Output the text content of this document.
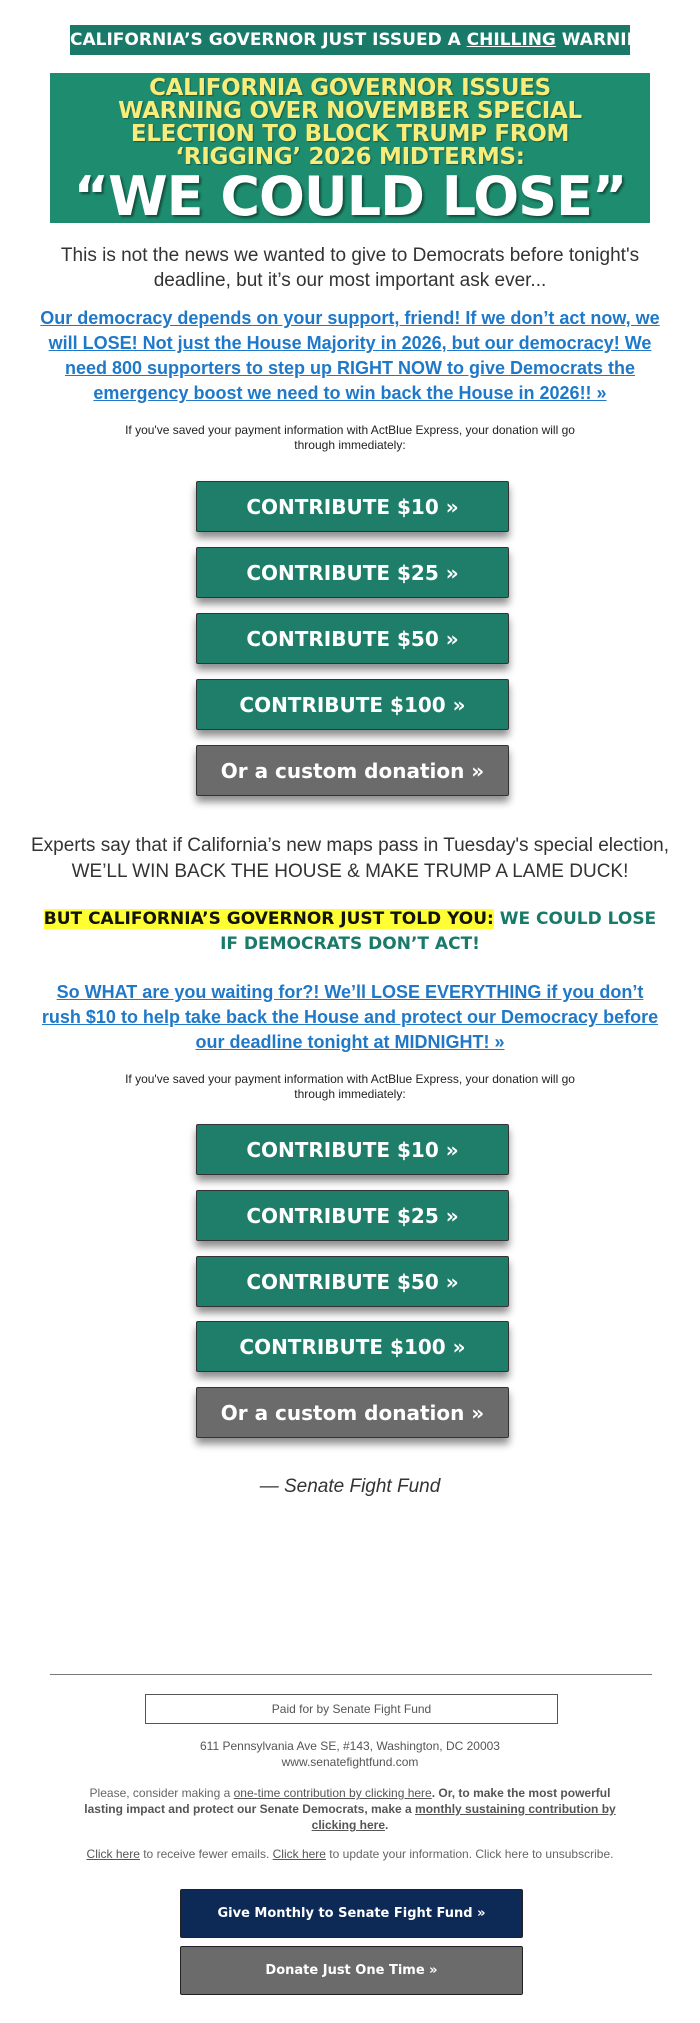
CALIFORNIA’S GOVERNOR JUST ISSUED A CHILLING WARNING:
CALIFORNIA GOVERNOR ISSUES
WARNING OVER NOVEMBER SPECIAL
ELECTION TO BLOCK TRUMP FROM
‘RIGGING’ 2026 MIDTERMS:
“WE COULD LOSE”
This is not the news we wanted to give to Democrats before tonight's deadline, but it’s our most important ask ever...
Our democracy depends on your support, friend! If we don’t act now, we will LOSE! Not just the House Majority in 2026, but our democracy! We need 800 supporters to step up RIGHT NOW to give Democrats the emergency boost we need to win back the House in 2026!! »
If you've saved your payment information with ActBlue Express, your donation will go through immediately:
CONTRIBUTE $10 »
CONTRIBUTE $25 »
CONTRIBUTE $50 »
CONTRIBUTE $100 »
Or a custom donation »
Experts say that if California’s new maps pass in Tuesday's special election, WE’LL WIN BACK THE HOUSE & MAKE TRUMP A LAME DUCK!
BUT CALIFORNIA’S GOVERNOR JUST TOLD YOU: WE COULD LOSE IF DEMOCRATS DON’T ACT!
So WHAT are you waiting for?! We’ll LOSE EVERYTHING if you don’t rush $10 to help take back the House and protect our Democracy before our deadline tonight at MIDNIGHT! »
If you've saved your payment information with ActBlue Express, your donation will go through immediately:
CONTRIBUTE $10 »
CONTRIBUTE $25 »
CONTRIBUTE $50 »
CONTRIBUTE $100 »
Or a custom donation »
— Senate Fight Fund
Paid for by Senate Fight Fund
611 Pennsylvania Ave SE, #143, Washington, DC 20003
www.senatefightfund.com
Please, consider making a one-time contribution by clicking here. Or, to make the most powerful lasting impact and protect our Senate Democrats, make a monthly sustaining contribution by clicking here.
Click here to receive fewer emails. Click here to update your information. Click here to unsubscribe.
Give Monthly to Senate Fight Fund »
Donate Just One Time »
